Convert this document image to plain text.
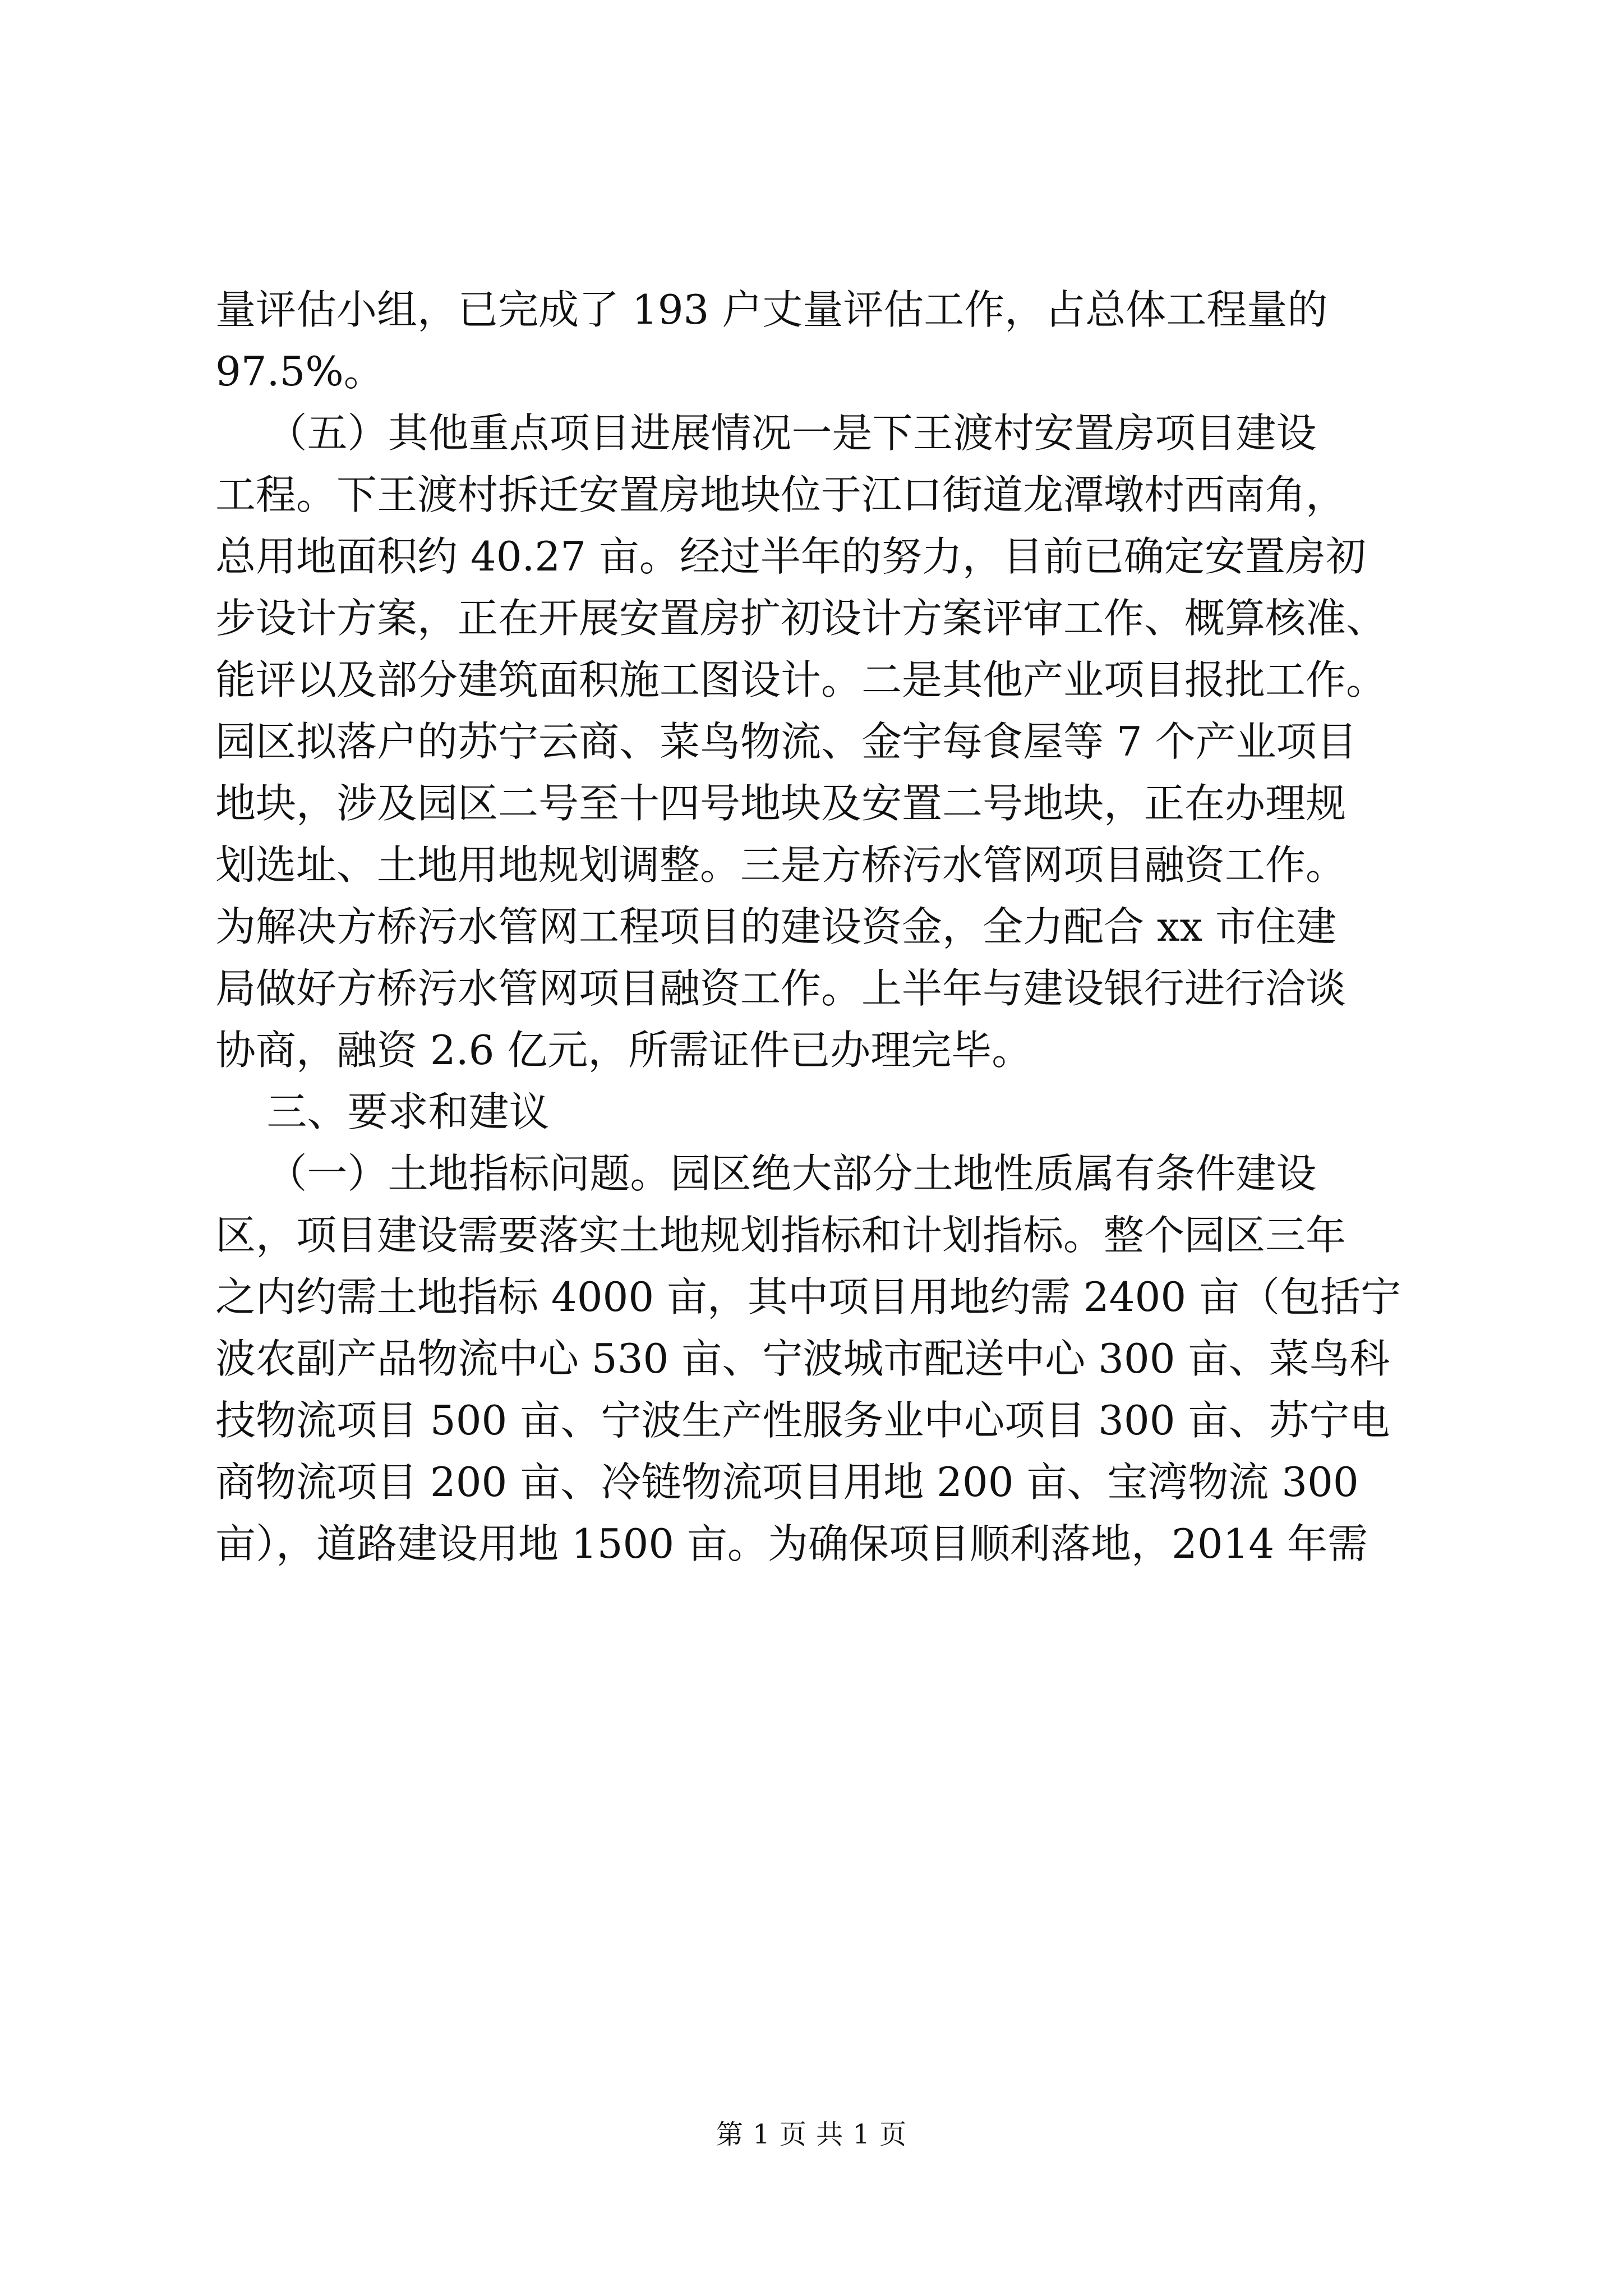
量评估小组，已完成了 193 户丈量评估工作，占总体工程量的
97.5%。
（五）其他重点项目进展情况一是下王渡村安置房项目建设
工程。下王渡村拆迁安置房地块位于江口街道龙潭墩村西南角，
总用地面积约 40.27 亩。经过半年的努力，目前已确定安置房初
步设计方案，正在开展安置房扩初设计方案评审工作、概算核准、
能评以及部分建筑面积施工图设计。二是其他产业项目报批工作。
园区拟落户的苏宁云商、菜鸟物流、金宇每食屋等 7 个产业项目
地块，涉及园区二号至十四号地块及安置二号地块，正在办理规
划选址、土地用地规划调整。三是方桥污水管网项目融资工作。
为解决方桥污水管网工程项目的建设资金，全力配合 xx 市住建
局做好方桥污水管网项目融资工作。上半年与建设银行进行洽谈
协商，融资 2.6 亿元，所需证件已办理完毕。
三、要求和建议
（一）土地指标问题。园区绝大部分土地性质属有条件建设
区，项目建设需要落实土地规划指标和计划指标。整个园区三年
之内约需土地指标 4000 亩，其中项目用地约需 2400 亩（包括宁
波农副产品物流中心 530 亩、宁波城市配送中心 300 亩、菜鸟科
技物流项目 500 亩、宁波生产性服务业中心项目 300 亩、苏宁电
商物流项目 200 亩、冷链物流项目用地 200 亩、宝湾物流 300
亩），道路建设用地 1500 亩。为确保项目顺利落地，2014 年需
第 1 页 共 1 页
